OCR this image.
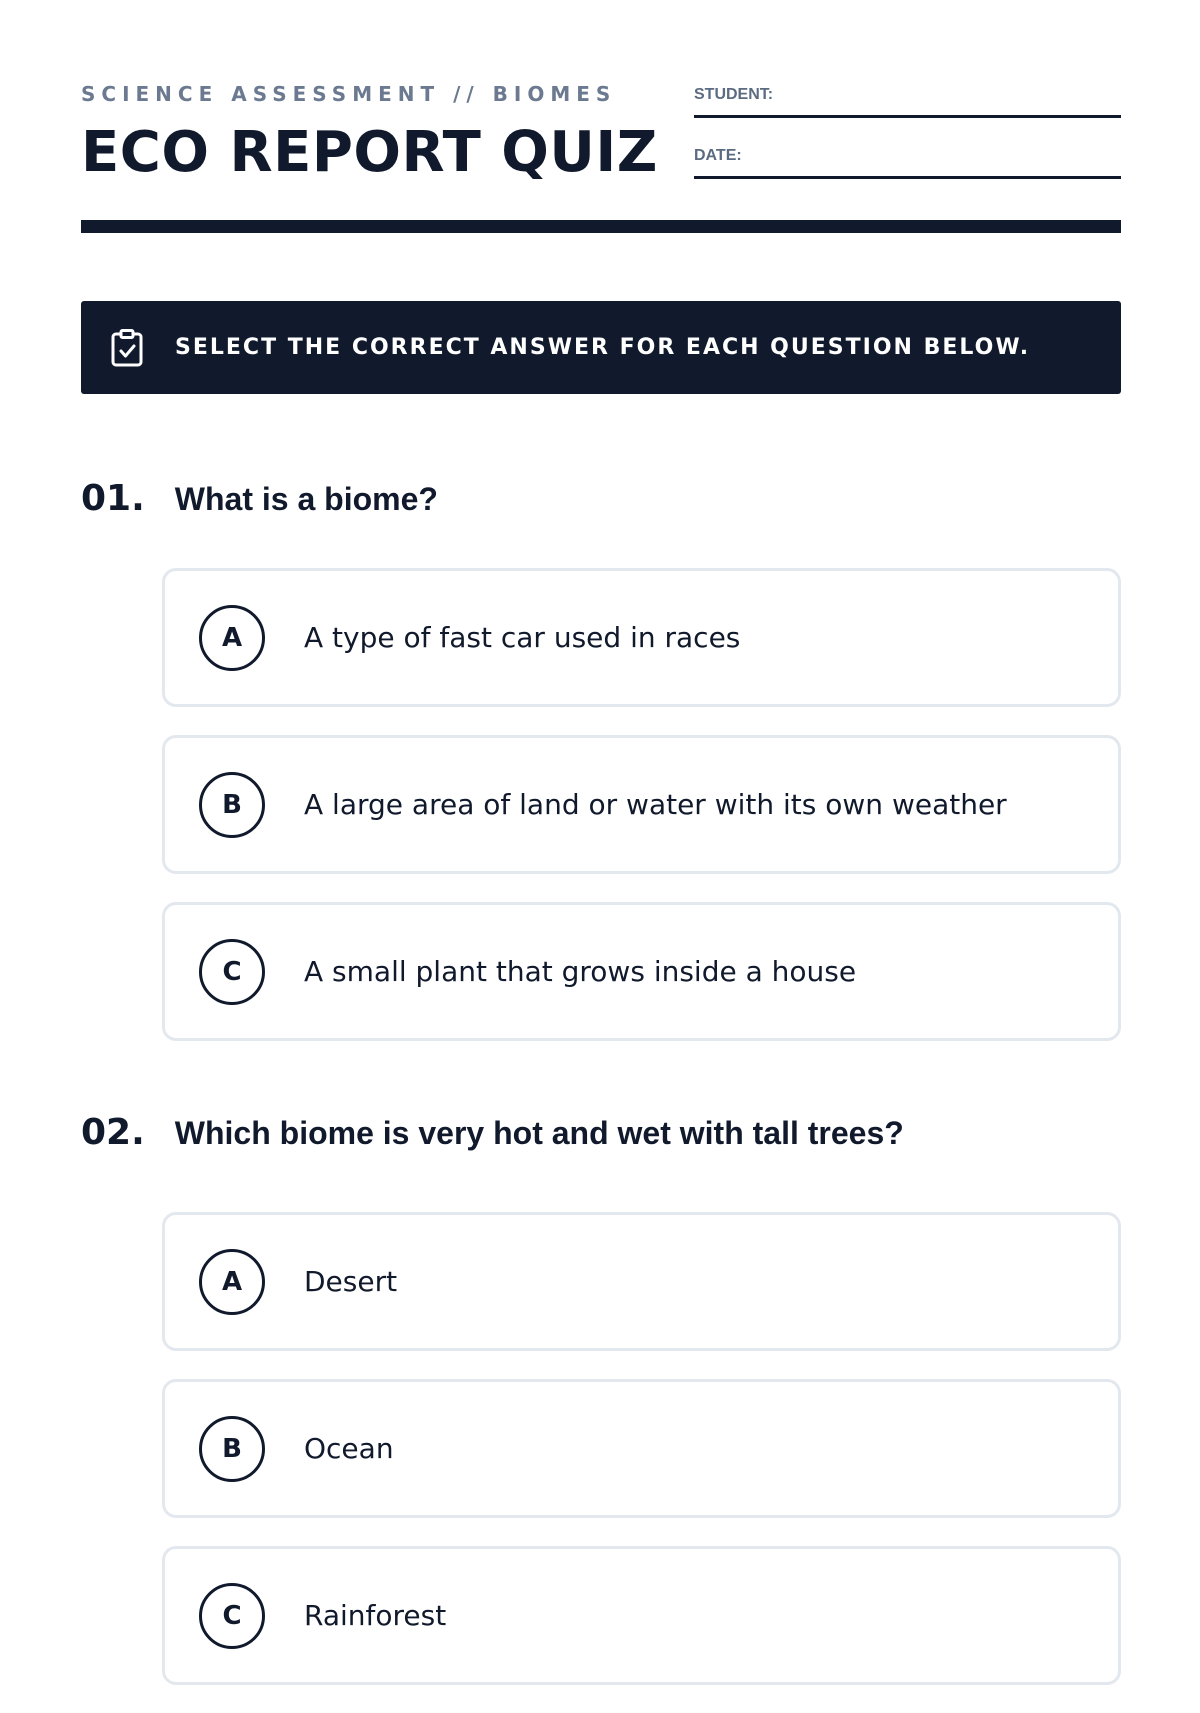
SCIENCE ASSESSMENT // BIOMES
ECO REPORT QUIZ
STUDENT:
DATE:
SELECT THE CORRECT ANSWER FOR EACH QUESTION BELOW.
01. What is a biome?
A	A type of fast car used in races
B	A large area of land or water with its own weather
C	A small plant that grows inside a house
02. Which biome is very hot and wet with tall trees?
A	Desert
B	Ocean
C	Rainforest
